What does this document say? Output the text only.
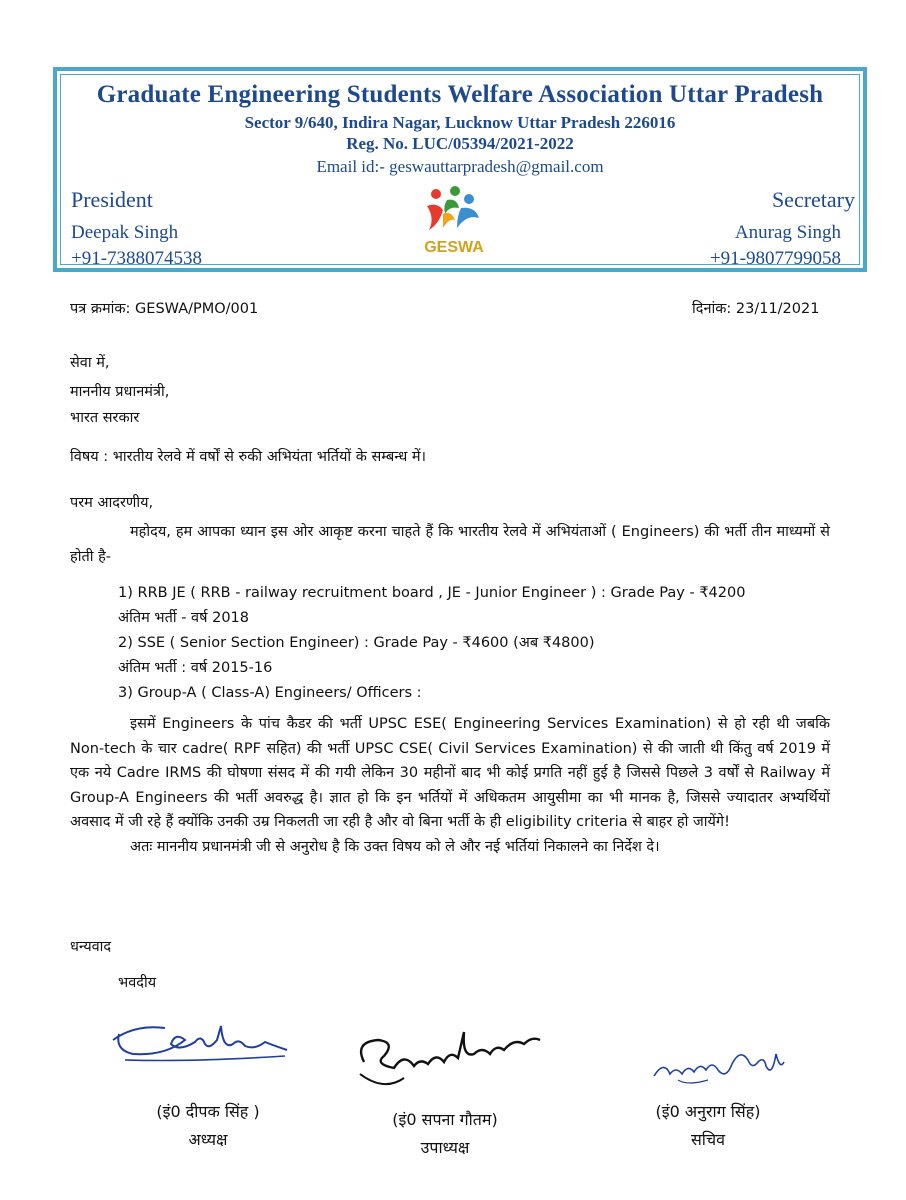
Graduate Engineering Students Welfare Association Uttar Pradesh
Sector 9/640, Indira Nagar, Lucknow Uttar Pradesh 226016
Reg. No. LUC/05394/2021-2022
Email id:- geswauttarpradesh@gmail.com
President
Deepak Singh
+91-7388074538
Secretary
Anurag Singh
+91-9807799058
GESWA
पत्र क्रमांक: GESWA/PMO/001	दिनांक: 23/11/2021
सेवा में,
माननीय प्रधानमंत्री,
भारत सरकार
विषय : भारतीय रेलवे में वर्षों से रुकी अभियंता भर्तियों के सम्बन्ध में।
परम आदरणीय,

महोदय, हम आपका ध्यान इस ओर आकृष्ट करना चाहते हैं कि भारतीय रेलवे में अभियंताओं ( Engineers) की भर्ती तीन माध्यमों से होती है-

1) RRB JE ( RRB - railway recruitment board , JE - Junior Engineer ) : Grade Pay - ₹4200
अंतिम भर्ती - वर्ष 2018
2) SSE ( Senior Section Engineer) : Grade Pay - ₹4600 (अब ₹4800)
अंतिम भर्ती : वर्ष 2015-16
3) Group-A ( Class-A) Engineers/ Officers :

इसमें Engineers के पांच कैडर की भर्ती UPSC ESE( Engineering Services Examination) से हो रही थी जबकि Non-tech के चार cadre( RPF सहित) की भर्ती UPSC CSE( Civil Services Examination) से की जाती थी किंतु वर्ष 2019 में एक नये Cadre IRMS की घोषणा संसद में की गयी लेकिन 30 महीनों बाद भी कोई प्रगति नहीं हुई है जिससे पिछले 3 वर्षों से Railway में Group-A Engineers की भर्ती अवरुद्ध है। ज्ञात हो कि इन भर्तियों में अधिकतम आयुसीमा का भी मानक है, जिससे ज्यादातर अभ्यर्थियों अवसाद में जी रहे हैं क्योंकि उनकी उम्र निकलती जा रही है और वो बिना भर्ती के ही eligibility criteria से बाहर हो जायेंगे!

अतः माननीय प्रधानमंत्री जी से अनुरोध है कि उक्त विषय को ले और नई भर्तियां निकालने का निर्देश दे।

धन्यवाद
भवदीय
(इं0 दीपक सिंह )
अध्यक्ष
(इं0 सपना गौतम)
उपाध्यक्ष
(इं0 अनुराग सिंह)
सचिव
